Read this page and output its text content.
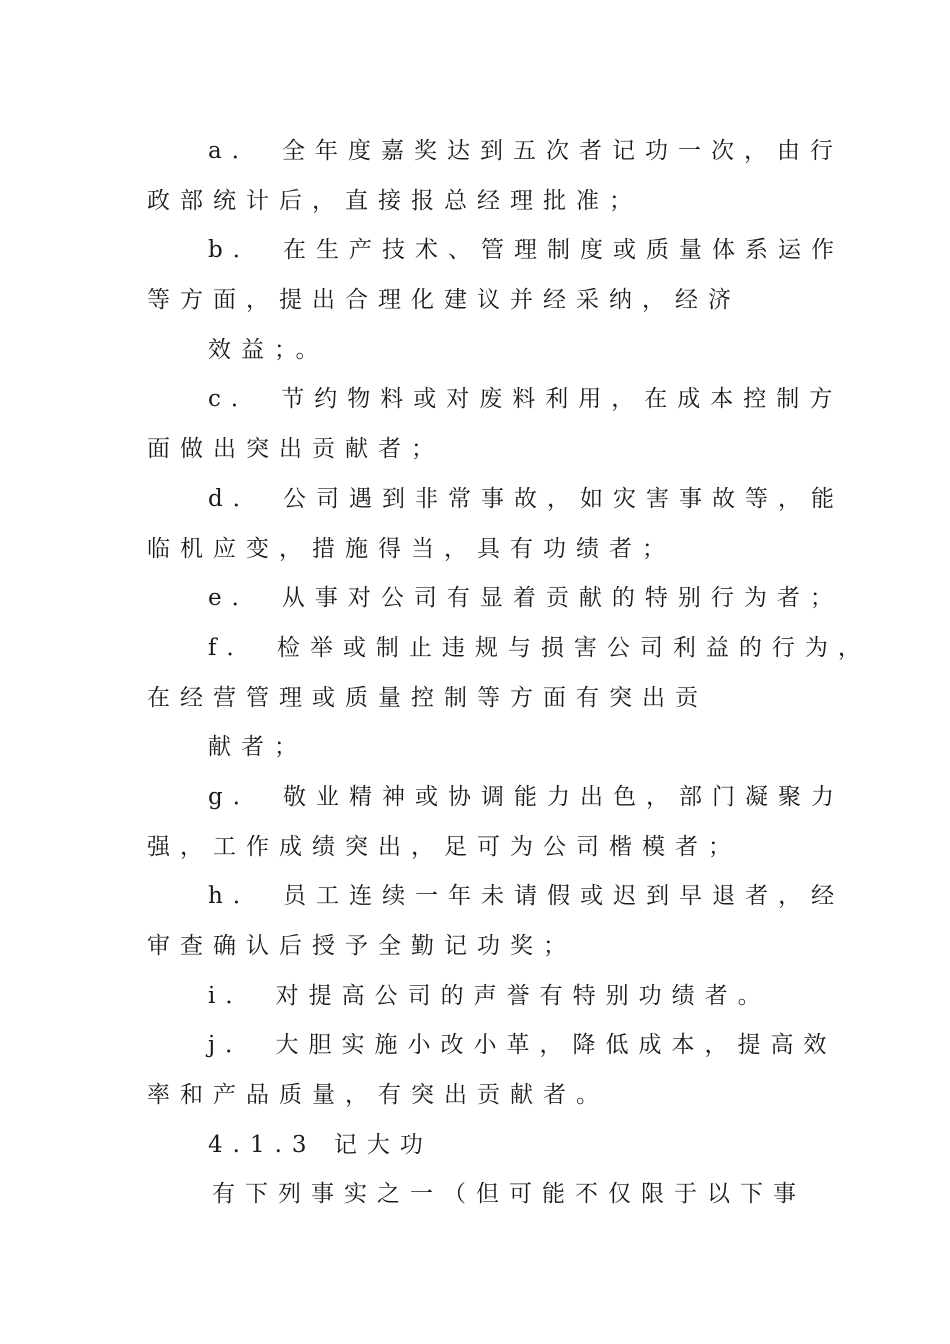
a． 全年度嘉奖达到五次者记功一次，由行
政部统计后，直接报总经理批准；
b． 在生产技术、管理制度或质量体系运作
等方面，提出合理化建议并经采纳，经济
效益；。
c． 节约物料或对废料利用，在成本控制方
面做出突出贡献者；
d． 公司遇到非常事故，如灾害事故等，能
临机应变，措施得当，具有功绩者；
e． 从事对公司有显着贡献的特别行为者；
f． 检举或制止违规与损害公司利益的行为，
在经营管理或质量控制等方面有突出贡
献者；
g． 敬业精神或协调能力出色，部门凝聚力
强，工作成绩突出，足可为公司楷模者；
h． 员工连续一年未请假或迟到早退者，经
审查确认后授予全勤记功奖；
i． 对提高公司的声誉有特别功绩者。
j． 大胆实施小改小革，降低成本，提高效
率和产品质量，有突出贡献者。
4.1.3 记大功
有下列事实之一（但可能不仅限于以下事
